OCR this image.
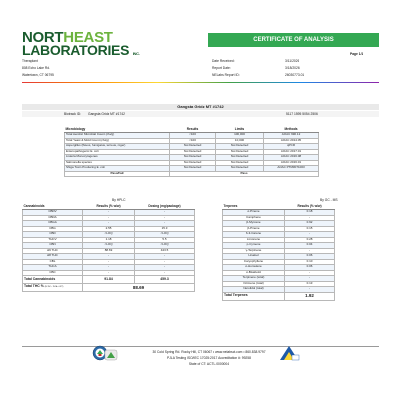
NORTHEAST
LABORATORIES INC.
CERTIFICATE OF ANALYSIS
Page 1/1
Theraplant
808 Echo Lake Rd.
Watertown, CT 06795
Date Received:	3/11/2026
Report Date:	3/18/2026
NELabs Report ID:	26030773.01
Gangsta Gridz MT #1742
Biotrack ID: Gangsta Gridz MT #1742	5117 1595 5054 2506
Microbiology	Results	Limits	Methods
Total Aerobic Microbial Count (cfu/g)	<100	100,000	AOAC 990.12
Total Yeast & Mold Count (cfu/g)	<100	10,000	AOAC 2014.05
Aspergillus (flavus, fumigatus, terreus, niger)	Not Detected	Not Detected	qPCR
Enteropathogenic E. coli	Not Detected	Not Detected	AOAC 2017.01
Listeria Monocytogenes	Not Detected	Not Detected	AOAC 2016.08
Salmonella species	Not Detected	Not Detected	AOAC 2016.01
Shiga Toxin Producing E. coli	Not Detected	Not Detected	AOAC PTM#071003
Pass/Fail	Pass		
By HPLC
Cannabinoids	Results (% w/w)	Dosing (mg/package)
CBDV	-	-
CBDA	-	-
CBGA	-	-
CBG	2.55	15.3
CBD	<LOQ	<LOQ
THCV	1.18	5.5
CBN	<LOQ	<LOQ
Δ9 THC	88.69	443.5
Δ8 THC	-	-
CBL	-	-
THCA	-	-
CBC	-	-
Total Cannabinoids	91.84	459.3
Total THC %(Δ9 THC + THCA × 0.877)	88.69	
By GC - MS
Terpenes	Results (% w/w)
α-Pinene	0.18
Camphene	-
β-Myrcene	0.92
β-Pinene	0.15
δ-3-Carene	-
Limonene	0.28
p-Cymene	0.04
γ-Terpinene	-
Linalool	0.06
Caryophyllene	0.10
α-Humulene	0.06
α-Bisabolol	-
Terpinene (total)	-
Ocimene (total)	0.13
Nerolidol (total)	-
Total Terpenes	1.92
30 Cold Spring Rd. Rocky Hill, CT 06067 • www.nelabsct.com • 860.838.9797
PJLA Testing ISO/IEC 17025:2017 Accreditation #: 99258
State of CT: ACTL.0000004
